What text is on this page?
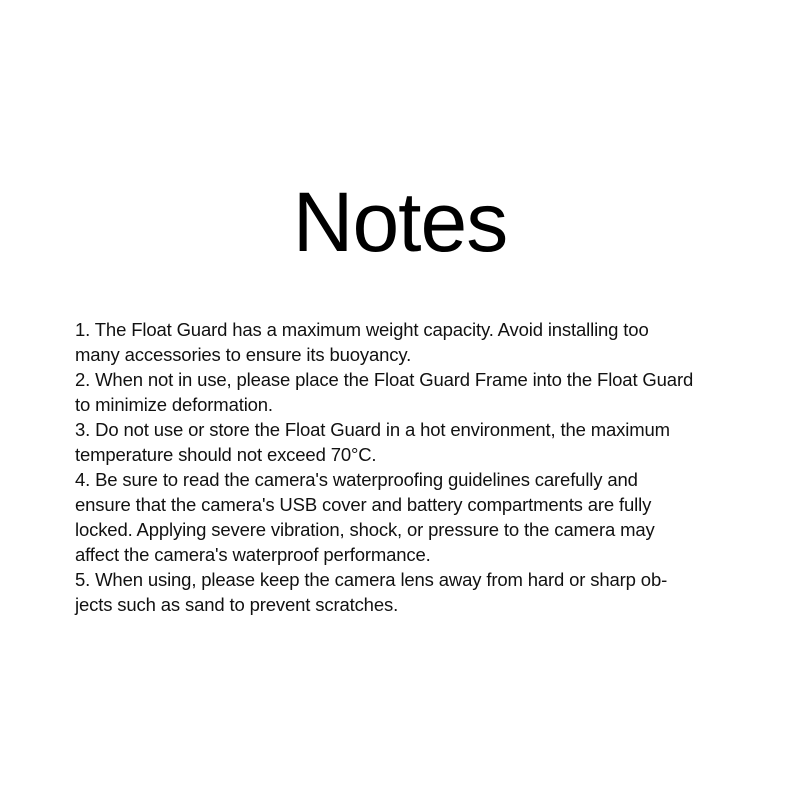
Notes
1. The Float Guard has a maximum weight capacity. Avoid installing too
many accessories to ensure its buoyancy.
2. When not in use, please place the Float Guard Frame into the Float Guard
to minimize deformation.
3. Do not use or store the Float Guard in a hot environment, the maximum
temperature should not exceed 70°C.
4. Be sure to read the camera's waterproofing guidelines carefully and
ensure that the camera's USB cover and battery compartments are fully
locked. Applying severe vibration, shock, or pressure to the camera may
affect the camera's waterproof performance.
5. When using, please keep the camera lens away from hard or sharp ob-
jects such as sand to prevent scratches.
